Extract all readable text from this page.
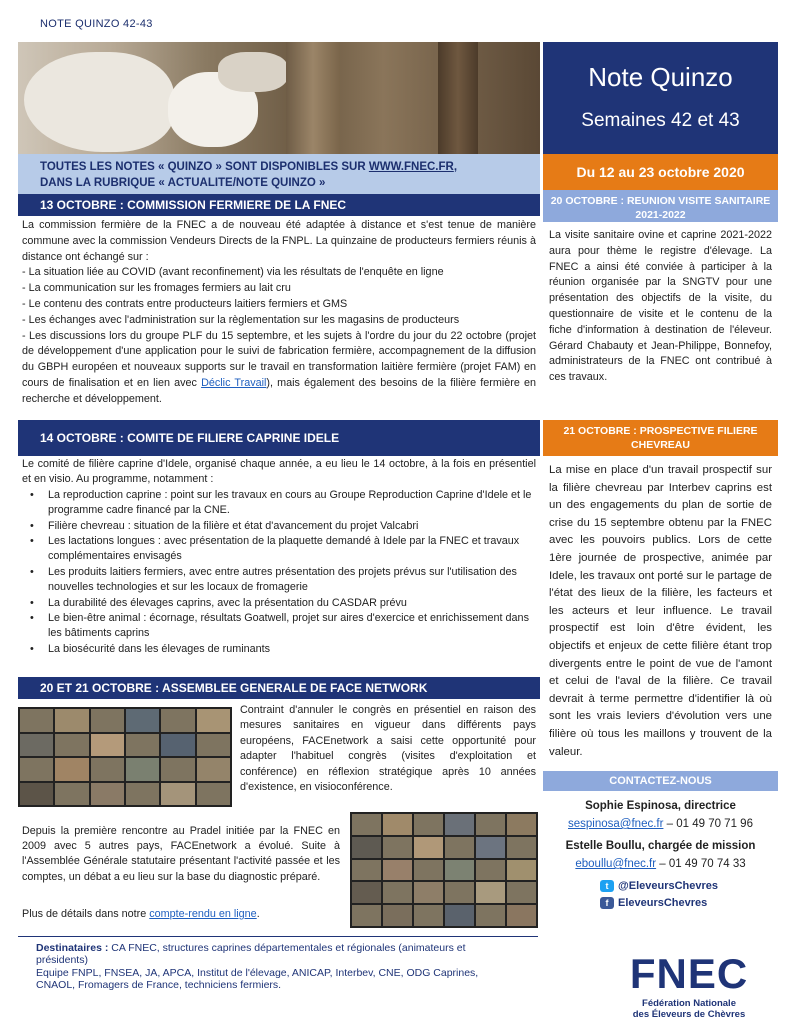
NOTE QUINZO 42-43
Note Quinzo
Semaines 42 et 43
TOUTES LES NOTES « QUINZO » SONT DISPONIBLES SUR WWW.FNEC.FR,
DANS LA RUBRIQUE « ACTUALITE/NOTE QUINZO »
Du 12 au 23 octobre 2020
13 OCTOBRE : COMMISSION FERMIERE DE LA FNEC
La commission fermière de la FNEC a de nouveau été adaptée à distance et s'est tenue de manière commune avec la commission Vendeurs Directs de la FNPL. La quinzaine de producteurs fermiers réunis à distance ont échangé sur :
- La situation liée au COVID (avant reconfinement) via les résultats de l'enquête en ligne
- La communication sur les fromages fermiers au lait cru
- Le contenu des contrats entre producteurs laitiers fermiers et GMS
- Les échanges avec l'administration sur la règlementation sur les magasins de producteurs
- Les discussions lors du groupe PLF du 15 septembre, et les sujets à l'ordre du jour du 22 octobre (projet de développement d'une application pour le suivi de fabrication fermière, accompagnement de la diffusion du GBPH européen et nouveaux supports sur le travail en transformation laitière fermière (projet FAM) en cours de finalisation et en lien avec Déclic Travail), mais également des besoins de la filière fermière en recherche et développement.
14 OCTOBRE : COMITE DE FILIERE CAPRINE IDELE
Le comité de filière caprine d'Idele, organisé chaque année, a eu lieu le 14 octobre, à la fois en présentiel et en visio. Au programme, notamment :
• La reproduction caprine : point sur les travaux en cours au Groupe Reproduction Caprine d'Idele et le programme cadre financé par la CNE.
• Filière chevreau : situation de la filière et état d'avancement du projet Valcabri
• Les lactations longues : avec présentation de la plaquette demandé à Idele par la FNEC et travaux complémentaires envisagés
• Les produits laitiers fermiers, avec entre autres présentation des projets prévus sur l'utilisation des nouvelles technologies et sur les locaux de fromagerie
• La durabilité des élevages caprins, avec la présentation du CASDAR prévu
• Le bien-être animal : écornage, résultats Goatwell, projet sur aires d'exercice et enrichissement dans les bâtiments caprins
• La biosécurité dans les élevages de ruminants
20 ET 21 OCTOBRE : ASSEMBLEE GENERALE DE FACE NETWORK
Contraint d'annuler le congrès en présentiel en raison des mesures sanitaires en vigueur dans différents pays européens, FACEnetwork a saisi cette opportunité pour adapter l'habituel congrès (visites d'exploitation et conférence) en réflexion stratégique après 10 années d'existence, en visioconférence.
Depuis la première rencontre au Pradel initiée par la FNEC en 2009 avec 5 autres pays, FACEnetwork a évolué. Suite à l'Assemblée Générale statutaire présentant l'activité passée et les comptes, un débat a eu lieu sur la base du diagnostic préparé.
Plus de détails dans notre compte-rendu en ligne.
20 OCTOBRE : REUNION VISITE SANITAIRE 2021-2022
La visite sanitaire ovine et caprine 2021-2022 aura pour thème le registre d'élevage. La FNEC a ainsi été conviée à participer à la réunion organisée par la SNGTV pour une présentation des objectifs de la visite, du questionnaire de visite et le contenu de la fiche d'information à destination de l'éleveur. Gérard Chabauty et Jean-Philippe, Bonnefoy, administrateurs de la FNEC ont contribué à ces travaux.
21 OCTOBRE : PROSPECTIVE FILIERE CHEVREAU
La mise en place d'un travail prospectif sur la filière chevreau par Interbev caprins est un des engagements du plan de sortie de crise du 15 septembre obtenu par la FNEC avec les pouvoirs publics. Lors de cette 1ère journée de prospective, animée par Idele, les travaux ont porté sur le partage de l'état des lieux de la filière, les facteurs et les acteurs et leur influence. Le travail prospectif est loin d'être évident, les objectifs et enjeux de cette filière étant trop divergents entre le point de vue de l'amont et celui de l'aval de la filière. Ce travail devrait à terme permettre d'identifier là où sont les vrais leviers d'évolution vers une filière où tous les maillons y trouvent de la valeur.
CONTACTEZ-NOUS
Sophie Espinosa, directrice
sespinosa@fnec.fr – 01 49 70 71 96
Estelle Boullu, chargée de mission
eboullu@fnec.fr – 01 49 70 74 33
t @EleveursChevres
f EleveursChevres
Destinataires : CA FNEC, structures caprines départementales et régionales (animateurs et présidents)
Equipe FNPL, FNSEA, JA, APCA, Institut de l'élevage, ANICAP, Interbev, CNE, ODG Caprines, CNAOL, Fromagers de France, techniciens fermiers.	FNEC
Fédération Nationale
des Éleveurs de Chèvres
